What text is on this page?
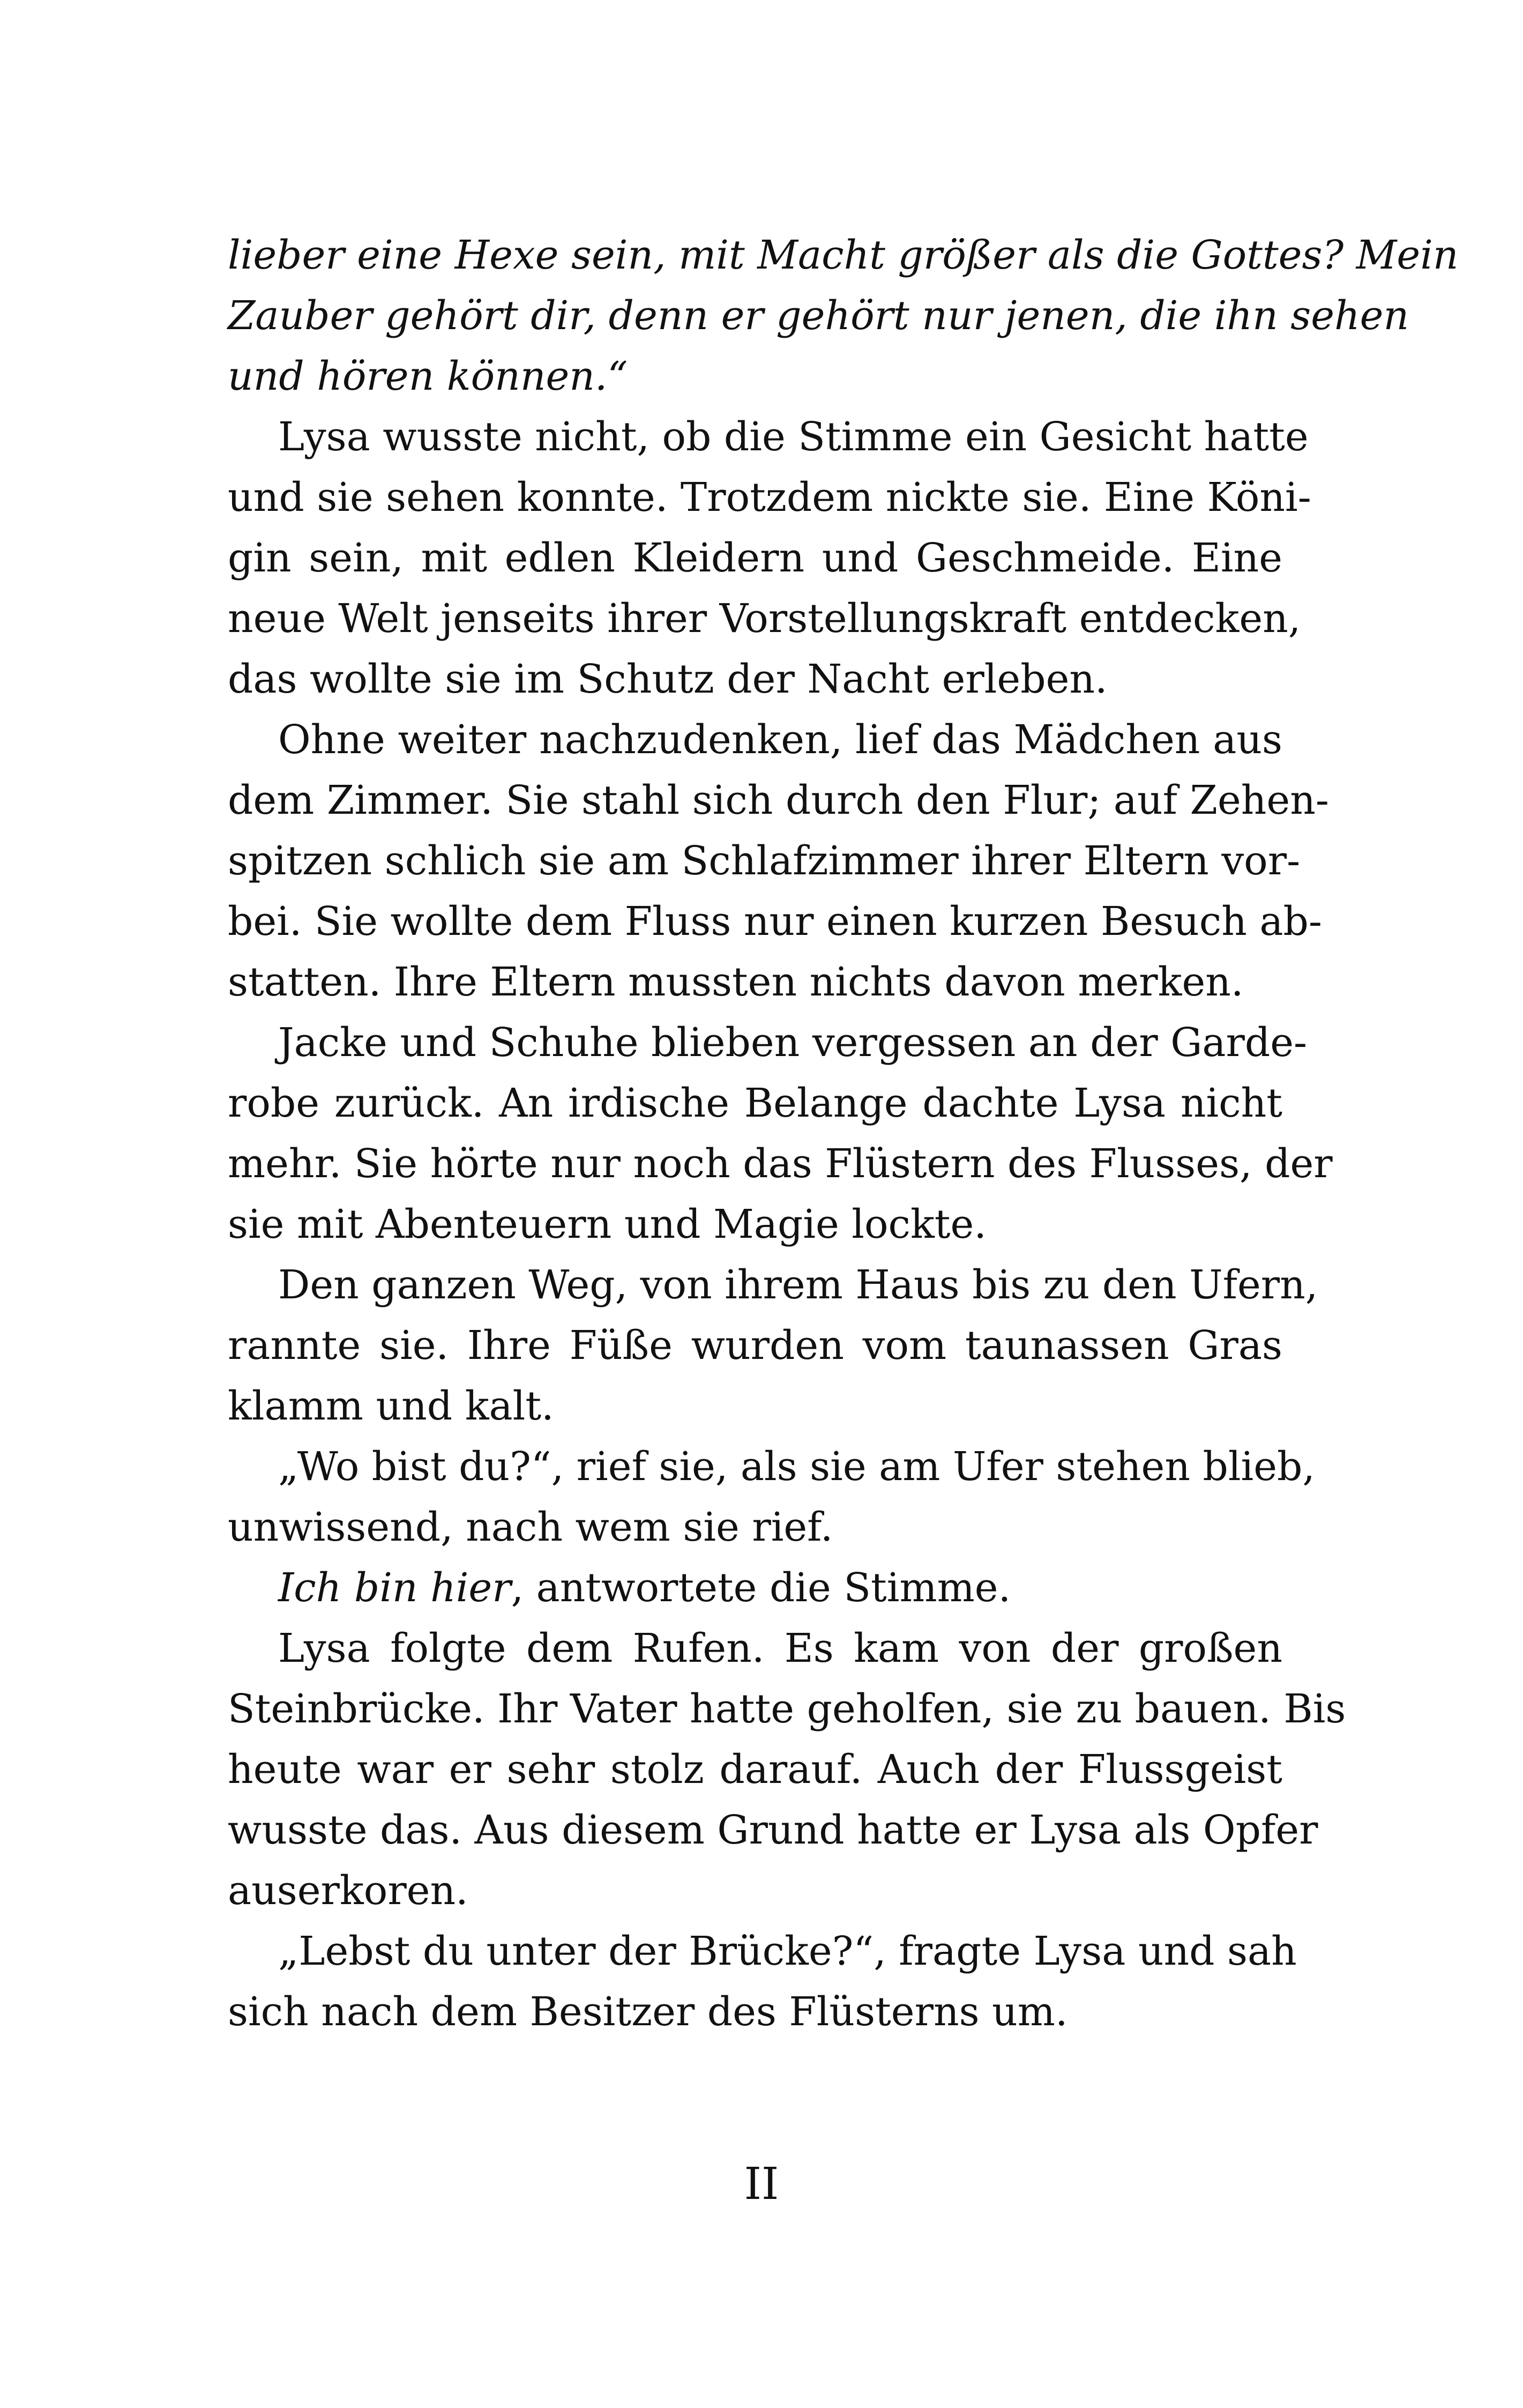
lieber eine Hexe sein, mit Macht größer als die Gottes? Mein
Zauber gehört dir, denn er gehört nur jenen, die ihn sehen
und hören können.“
Lysa wusste nicht, ob die Stimme ein Gesicht hatte
und sie sehen konnte. Trotzdem nickte sie. Eine Köni-
gin sein, mit edlen Kleidern und Geschmeide. Eine
neue Welt jenseits ihrer Vorstellungskraft entdecken,
das wollte sie im Schutz der Nacht erleben.
Ohne weiter nachzudenken, lief das Mädchen aus
dem Zimmer. Sie stahl sich durch den Flur; auf Zehen-
spitzen schlich sie am Schlafzimmer ihrer Eltern vor-
bei. Sie wollte dem Fluss nur einen kurzen Besuch ab-
statten. Ihre Eltern mussten nichts davon merken.
Jacke und Schuhe blieben vergessen an der Garde-
robe zurück. An irdische Belange dachte Lysa nicht
mehr. Sie hörte nur noch das Flüstern des Flusses, der
sie mit Abenteuern und Magie lockte.
Den ganzen Weg, von ihrem Haus bis zu den Ufern,
rannte sie. Ihre Füße wurden vom taunassen Gras
klamm und kalt.
„Wo bist du?“, rief sie, als sie am Ufer stehen blieb,
unwissend, nach wem sie rief.
Ich bin hier, antwortete die Stimme.
Lysa folgte dem Rufen. Es kam von der großen
Steinbrücke. Ihr Vater hatte geholfen, sie zu bauen. Bis
heute war er sehr stolz darauf. Auch der Flussgeist
wusste das. Aus diesem Grund hatte er Lysa als Opfer
auserkoren.
„Lebst du unter der Brücke?“, fragte Lysa und sah
sich nach dem Besitzer des Flüsterns um.
II
